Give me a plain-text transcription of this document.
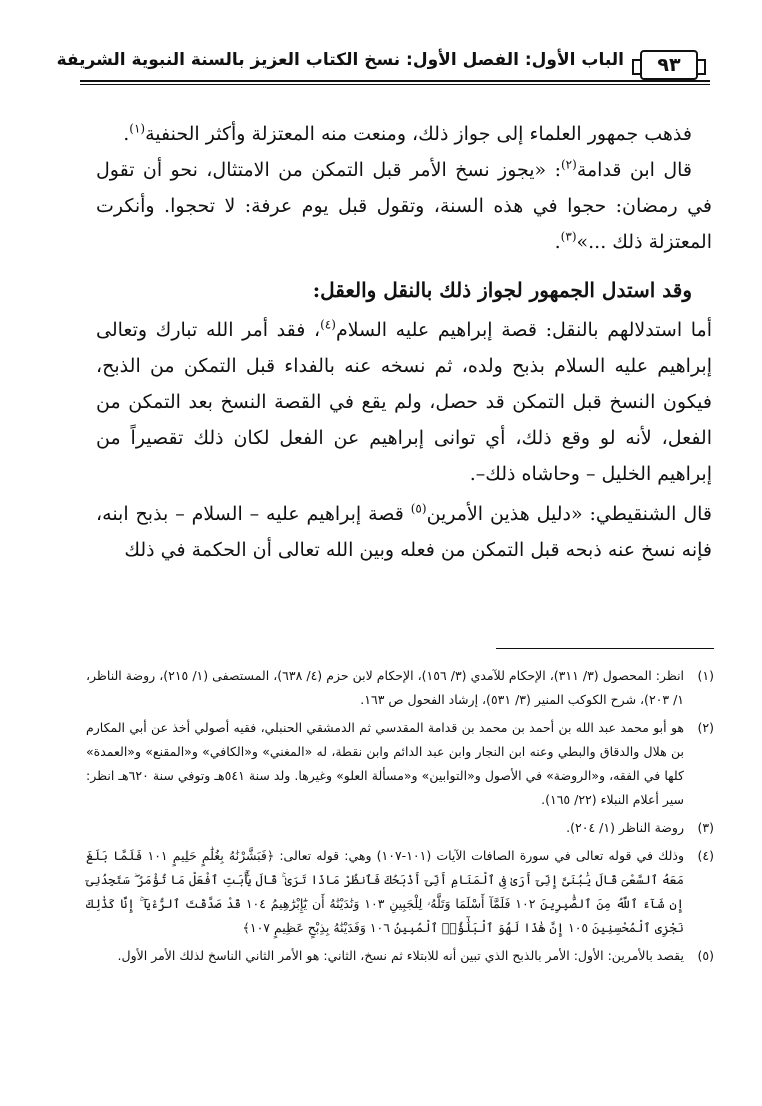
٩٣
الباب الأول: الفصل الأول: نسخ الكتاب العزيز بالسنة النبوية الشريفة

فذهب جمهور العلماء إلى جواز ذلك، ومنعت منه المعتزلة وأكثر الحنفية$^{(١)}$.

قال ابن قدامة$^{(٢)}$: «يجوز نسخ الأمر قبل التمكن من الامتثال، نحو أن تقول في رمضان: حجوا في هذه السنة، وتقول قبل يوم عرفة: لا تحجوا. وأنكرت المعتزلة ذلك ...»$^{(٣)}$.

وقد استدل الجمهور لجواز ذلك بالنقل والعقل:

أما استدلالهم بالنقل: قصة إبراهيم عليه السلام$^{(٤)}$، فقد أمر الله تبارك وتعالى إبراهيم عليه السلام بذبح ولده، ثم نسخه عنه بالفداء قبل التمكن من الذبح، فيكون النسخ قبل التمكن قد حصل، ولم يقع في القصة النسخ بعد التمكن من الفعل، لأنه لو وقع ذلك، أي توانى إبراهيم عن الفعل لكان ذلك تقصيراً من إبراهيم الخليل – وحاشاه ذلك–.

قال الشنقيطي: «دليل هذين الأمرين$^{(٥)}$ قصة إبراهيم عليه – السلام – بذبح ابنه، فإنه نسخ عنه ذبحه قبل التمكن من فعله وبين الله تعالى أن الحكمة في ذلك

(١)
انظر: المحصول (٣/ ٣١١)، الإحكام للآمدي (٣/ ١٥٦)، الإحكام لابن حزم (٤/ ٦٣٨)، المستصفى (١/ ٢١٥)، روضة الناظر، ١/ ٢٠٣)، شرح الكوكب المنير (٣/ ٥٣١)، إرشاد الفحول ص ١٦٣.
(٢)
هو أبو محمد عبد الله بن أحمد بن محمد بن قدامة المقدسي ثم الدمشقي الحنبلي، فقيه أصولي أخذ عن أبي المكارم بن هلال والدقاق والبطي وعنه ابن النجار وابن عبد الدائم وابن نقطة، له «المغني» و«الكافي» و«المقنع» و«العمدة» كلها في الفقه، و«الروضة» في الأصول و«التوابين» و«مسألة العلو» وغيرها. ولد سنة ٥٤١هـ وتوفي سنة ٦٢٠هـ انظر: سير أعلام النبلاء (٢٢/ ١٦٥).
(٣)
روضة الناظر (١/ ٢٠٤).
(٤)
وذلك في قوله تعالى في سورة الصافات الآيات (١٠١-١٠٧) وهي: قوله تعالى: ﴿فَبَشَّرْنَٰهُ بِغُلَٰمٍ حَلِيمٍ ١٠١ فَلَمَّا بَلَغَ مَعَهُ ٱلسَّعْىَ قَالَ يَٰبُنَىَّ إِنِّىٓ أَرَىٰ فِى ٱلْمَنَامِ أَنِّىٓ أَذْبَحُكَ فَٱنظُرْ مَاذَا تَرَىٰ ۚ قَالَ يَٰٓأَبَتِ ٱفْعَلْ مَا تُؤْمَرُ ۖ سَتَجِدُنِىٓ إِن شَآءَ ٱللَّهُ مِنَ ٱلصَّٰبِرِينَ ١٠٢ فَلَمَّآ أَسْلَمَا وَتَلَّهُۥ لِلْجَبِينِ ١٠٣ وَنَٰدَيْنَٰهُ أَن يَٰٓإِبْرَٰهِيمُ ١٠٤ قَدْ صَدَّقْتَ ٱلرُّءْيَآ ۚ إِنَّا كَذَٰلِكَ نَجْزِى ٱلْمُحْسِنِينَ ١٠٥ إِنَّ هَٰذَا لَهُوَ ٱلْبَلَٰٓؤُا۟ ٱلْمُبِينُ ١٠٦ وَفَدَيْنَٰهُ بِذِبْحٍ عَظِيمٍ ١٠٧﴾
(٥)
يقصد بالأمرين: الأول: الأمر بالذبح الذي تبين أنه للابتلاء ثم نسخ، الثاني: هو الأمر الثاني الناسخ لذلك الأمر الأول.
